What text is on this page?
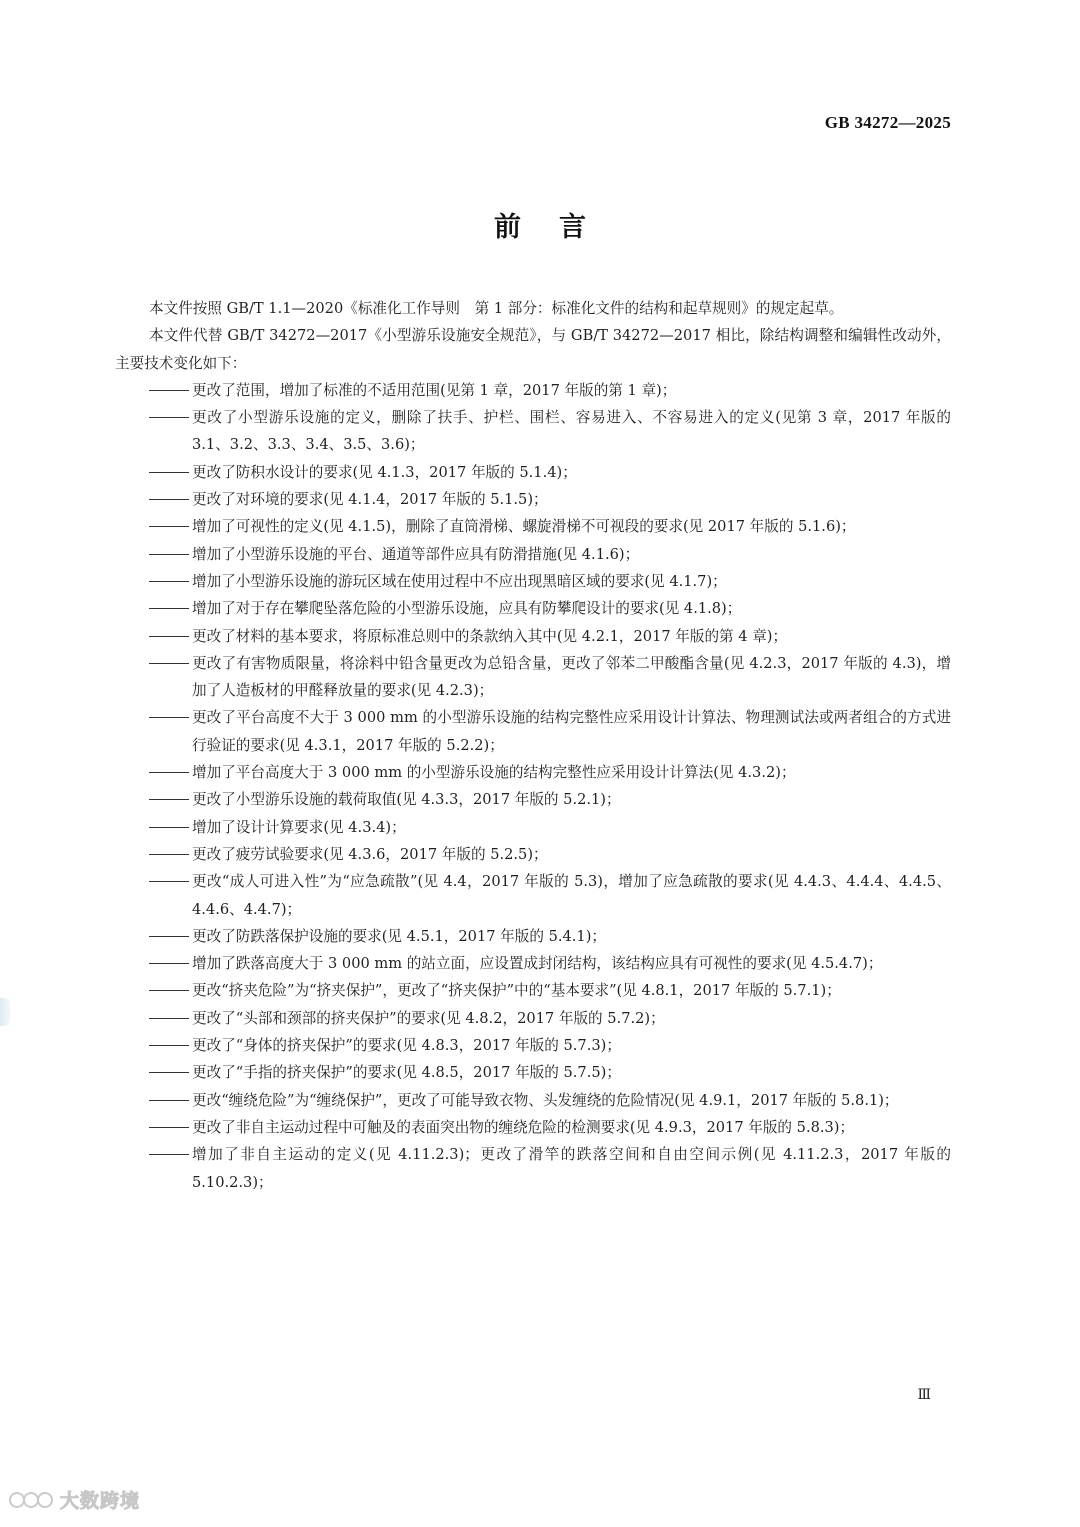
GB 34272—2025
前言

本文件按照 GB/T 1.1—2020《标准化工作导则　第 1 部分：标准化文件的结构和起草规则》的规定起草。

本文件代替 GB/T 34272—2017《小型游乐设施安全规范》，与 GB/T 34272—2017 相比，除结构调整和编辑性改动外，主要技术变化如下：

更改了范围，增加了标准的不适用范围(见第 1 章，2017 年版的第 1 章)；

更改了小型游乐设施的定义，删除了扶手、护栏、围栏、容易进入、不容易进入的定义(见第 3 章，2017 年版的 3.1、3.2、3.3、3.4、3.5、3.6)；

更改了防积水设计的要求(见 4.1.3，2017 年版的 5.1.4)；

更改了对环境的要求(见 4.1.4，2017 年版的 5.1.5)；

增加了可视性的定义(见 4.1.5)，删除了直筒滑梯、螺旋滑梯不可视段的要求(见 2017 年版的 5.1.6)；

增加了小型游乐设施的平台、通道等部件应具有防滑措施(见 4.1.6)；

增加了小型游乐设施的游玩区域在使用过程中不应出现黑暗区域的要求(见 4.1.7)；

增加了对于存在攀爬坠落危险的小型游乐设施，应具有防攀爬设计的要求(见 4.1.8)；

更改了材料的基本要求，将原标准总则中的条款纳入其中(见 4.2.1，2017 年版的第 4 章)；

更改了有害物质限量，将涂料中铅含量更改为总铅含量，更改了邻苯二甲酸酯含量(见 4.2.3，2017 年版的 4.3)，增加了人造板材的甲醛释放量的要求(见 4.2.3)；

更改了平台高度不大于 3 000 mm 的小型游乐设施的结构完整性应采用设计计算法、物理测试法或两者组合的方式进行验证的要求(见 4.3.1，2017 年版的 5.2.2)；

增加了平台高度大于 3 000 mm 的小型游乐设施的结构完整性应采用设计计算法(见 4.3.2)；

更改了小型游乐设施的载荷取值(见 4.3.3，2017 年版的 5.2.1)；

增加了设计计算要求(见 4.3.4)；

更改了疲劳试验要求(见 4.3.6，2017 年版的 5.2.5)；

更改“成人可进入性”为“应急疏散”(见 4.4，2017 年版的 5.3)，增加了应急疏散的要求(见 4.4.3、4.4.4、4.4.5、4.4.6、4.4.7)；

更改了防跌落保护设施的要求(见 4.5.1，2017 年版的 5.4.1)；

增加了跌落高度大于 3 000 mm 的站立面，应设置成封闭结构，该结构应具有可视性的要求(见 4.5.4.7)；

更改“挤夹危险”为“挤夹保护”，更改了“挤夹保护”中的“基本要求”(见 4.8.1，2017 年版的 5.7.1)；

更改了“头部和颈部的挤夹保护”的要求(见 4.8.2，2017 年版的 5.7.2)；

更改了“身体的挤夹保护”的要求(见 4.8.3，2017 年版的 5.7.3)；

更改了“手指的挤夹保护”的要求(见 4.8.5，2017 年版的 5.7.5)；

更改“缠绕危险”为“缠绕保护”，更改了可能导致衣物、头发缠绕的危险情况(见 4.9.1，2017 年版的 5.8.1)；

更改了非自主运动过程中可触及的表面突出物的缠绕危险的检测要求(见 4.9.3，2017 年版的 5.8.3)；

增加了非自主运动的定义(见 4.11.2.3)；更改了滑竿的跌落空间和自由空间示例(见 4.11.2.3，2017 年版的 5.10.2.3)；

Ⅲ
大数跨境
